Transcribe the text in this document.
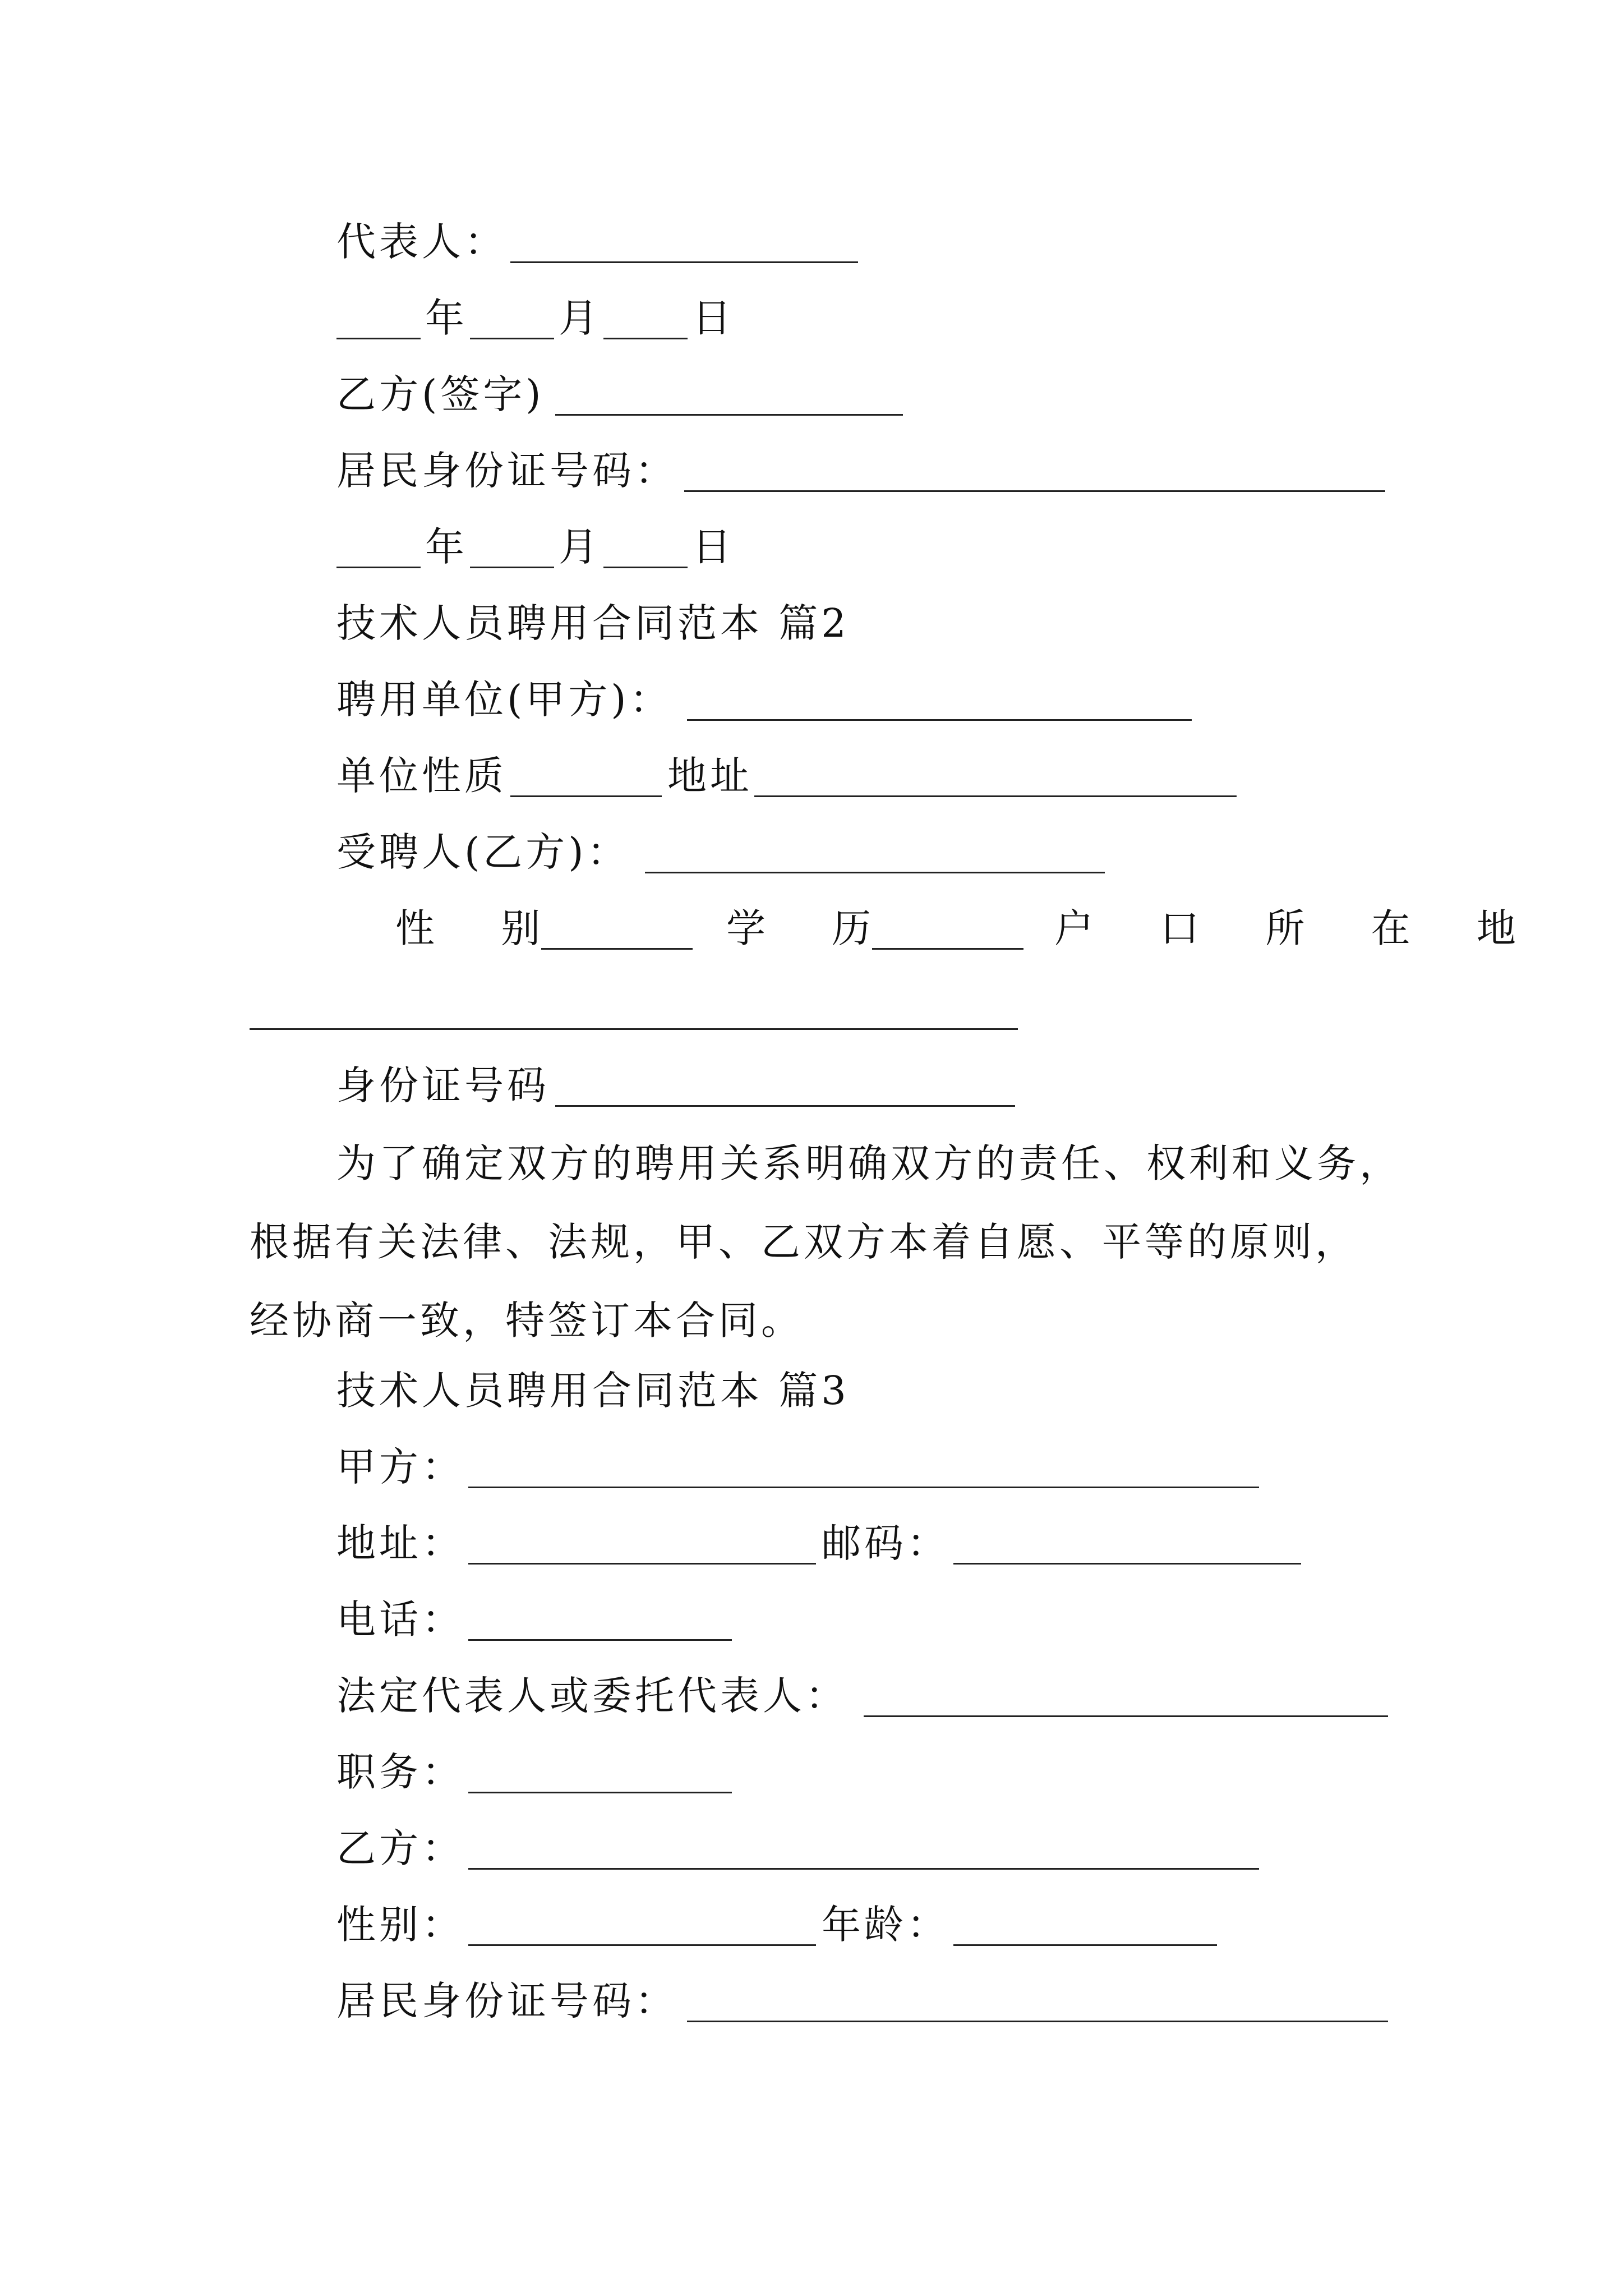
代表人：
年 月 日
乙方(签字)
居民身份证号码：
年 月 日
技术人员聘用合同范本 篇2
聘用单位(甲方)：
单位性质	地址
受聘人(乙方)：
性 别	学 历	户 口 所 在 地
身份证号码
为了确定双方的聘用关系明确双方的责任、权利和义务，
根据有关法律、法规，甲、乙双方本着自愿、平等的原则，
经协商一致，特签订本合同。
技术人员聘用合同范本 篇3
甲方：
地址：	邮码：
电话：
法定代表人或委托代表人：
职务：
乙方：
性别：	年龄：
居民身份证号码：
